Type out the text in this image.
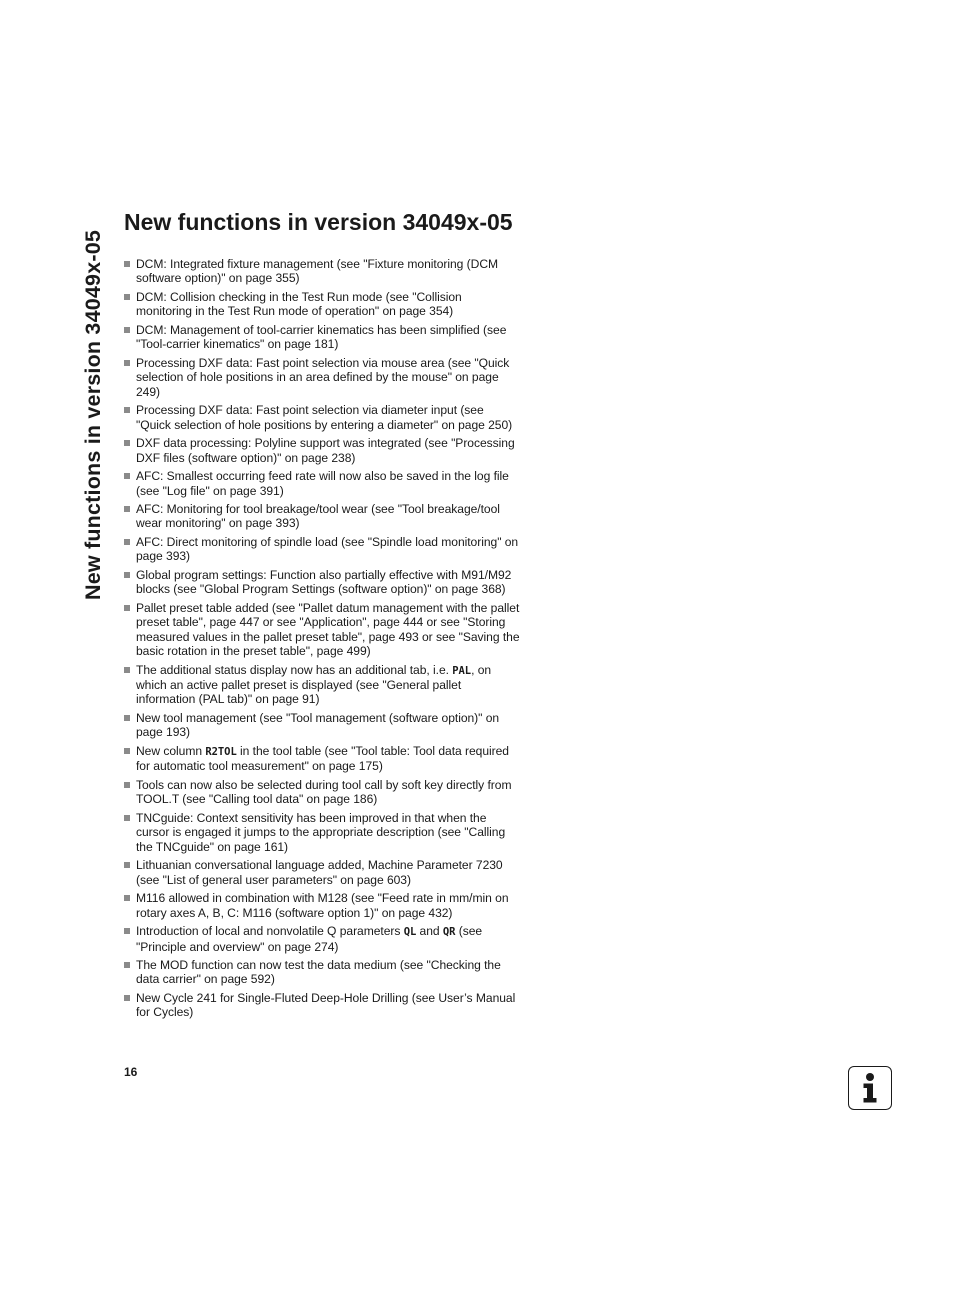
New functions in version 34049x-05
New functions in version 34049x-05
DCM: Integrated fixture management (see "Fixture monitoring (DCM software option)" on page 355)
DCM: Collision checking in the Test Run mode (see "Collision monitoring in the Test Run mode of operation" on page 354)
DCM: Management of tool-carrier kinematics has been simplified (see "Tool-carrier kinematics" on page 181)
Processing DXF data: Fast point selection via mouse area (see "Quick selection of hole positions in an area defined by the mouse" on page 249)
Processing DXF data: Fast point selection via diameter input (see "Quick selection of hole positions by entering a diameter" on page 250)
DXF data processing: Polyline support was integrated (see "Processing DXF files (software option)" on page 238)
AFC: Smallest occurring feed rate will now also be saved in the log file (see "Log file" on page 391)
AFC: Monitoring for tool breakage/tool wear (see "Tool breakage/tool wear monitoring" on page 393)
AFC: Direct monitoring of spindle load (see "Spindle load monitoring" on page 393)
Global program settings: Function also partially effective with M91/M92 blocks (see "Global Program Settings (software option)" on page 368)
Pallet preset table added (see "Pallet datum management with the pallet preset table", page 447 or see "Application", page 444 or see "Storing measured values in the pallet preset table", page 493 or see "Saving the basic rotation in the preset table", page 499)
The additional status display now has an additional tab, i.e. PAL, on which an active pallet preset is displayed (see "General pallet information (PAL tab)" on page 91)
New tool management (see "Tool management (software option)" on page 193)
New column R2TOL in the tool table (see "Tool table: Tool data required for automatic tool measurement" on page 175)
Tools can now also be selected during tool call by soft key directly from TOOL.T (see "Calling tool data" on page 186)
TNCguide: Context sensitivity has been improved in that when the cursor is engaged it jumps to the appropriate description (see "Calling the TNCguide" on page 161)
Lithuanian conversational language added, Machine Parameter 7230 (see "List of general user parameters" on page 603)
M116 allowed in combination with M128 (see "Feed rate in mm/min on rotary axes A, B, C: M116 (software option 1)" on page 432)
Introduction of local and nonvolatile Q parameters QL and QR (see "Principle and overview" on page 274)
The MOD function can now test the data medium (see "Checking the data carrier" on page 592)
New Cycle 241 for Single-Fluted Deep-Hole Drilling (see User’s Manual for Cycles)
16
